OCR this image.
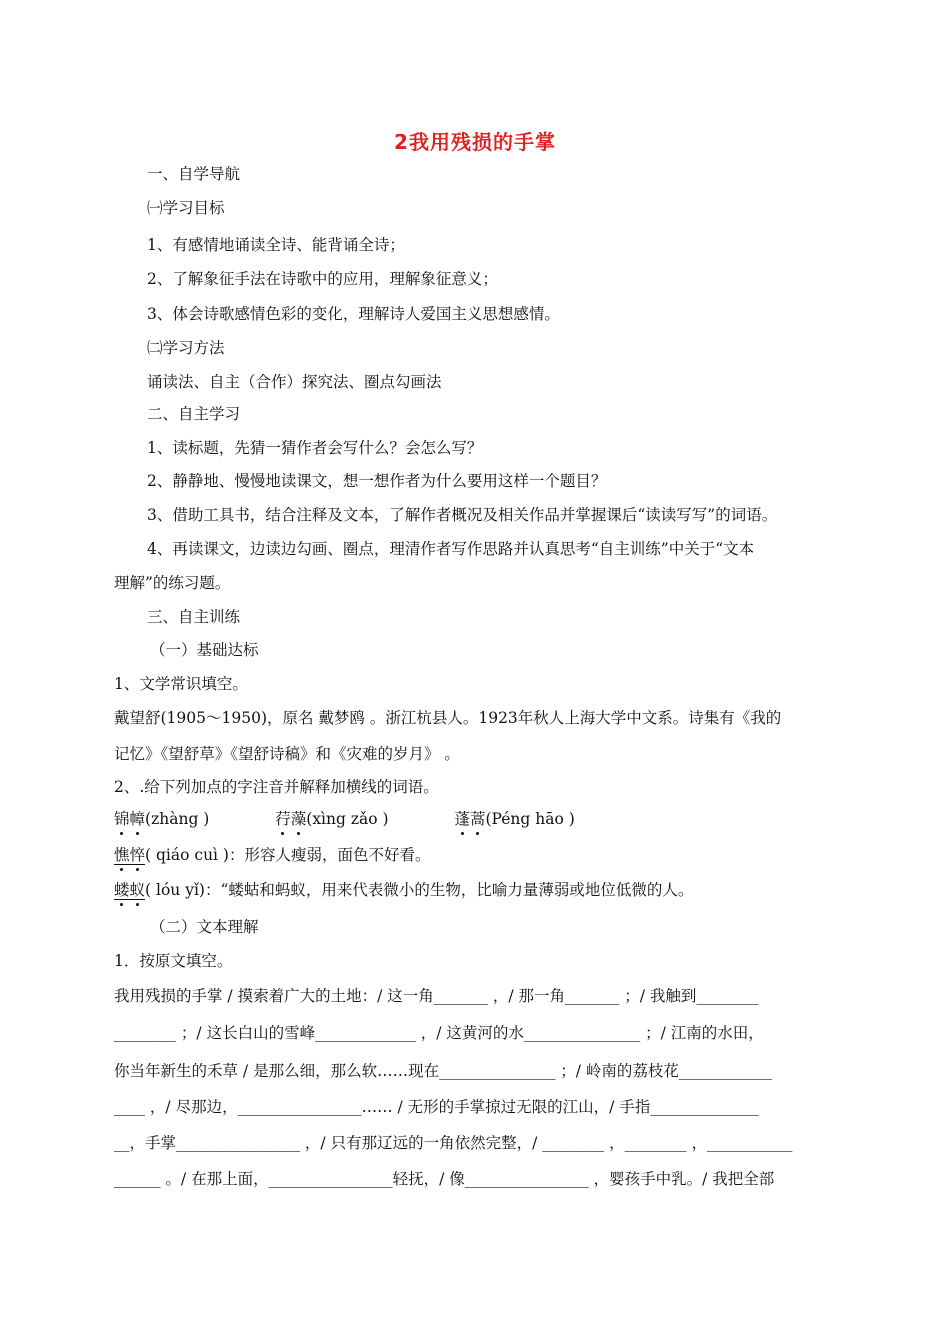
2我用残损的手掌
一、自学导航
㈠学习目标
1、有感情地诵读全诗、能背诵全诗；
2、了解象征手法在诗歌中的应用，理解象征意义；
3、体会诗歌感情色彩的变化，理解诗人爱国主义思想感情。
㈡学习方法
诵读法、自主（合作）探究法、圈点勾画法
二、自主学习
1、读标题，先猜一猜作者会写什么？会怎么写？
2、静静地、慢慢地读课文，想一想作者为什么要用这样一个题目？
3、借助工具书，结合注释及文本，了解作者概况及相关作品并掌握课后“读读写写”的词语。
4、再读课文，边读边勾画、圈点，理清作者写作思路并认真思考“自主训练”中关于“文本
理解”的练习题。
三、自主训练
（一）基础达标
1、文学常识填空。
戴望舒(1905～1950)，原名 戴梦鸥 。浙江杭县人。1923年秋人上海大学中文系。诗集有《我的
记忆》《望舒草》《望舒诗稿》和《灾难的岁月》 。
2、.给下列加点的字注音并解释加横线的词语。
锦幛(zhàng )	荇藻(xìng zǎo )	蓬蒿(Péng hāo )
憔悴( qiáo cuì )：形容人瘦弱，面色不好看。
蝼蚁( lóu yǐ)：“蝼蛄和蚂蚁，用来代表微小的生物，比喻力量薄弱或地位低微的人。
（二）文本理解
1．按原文填空。
我用残损的手掌 / 摸索着广大的土地：/ 这一角_______ ，/ 那一角_______ ；/ 我触到________
________ ；/ 这长白山的雪峰_____________ ，/ 这黄河的水_______________ ；/ 江南的水田，
你当年新生的禾草 / 是那么细，那么软……现在_______________ ；/ 岭南的荔枝花____________
____ ，/ 尽那边，________________…… / 无形的手掌掠过无限的江山，/ 手指______________
__，手掌________________ ，/ 只有那辽远的一角依然完整，/ ________ ，________ ，___________
______ 。/ 在那上面，________________轻抚，/ 像________________ ，婴孩手中乳。/ 我把全部
